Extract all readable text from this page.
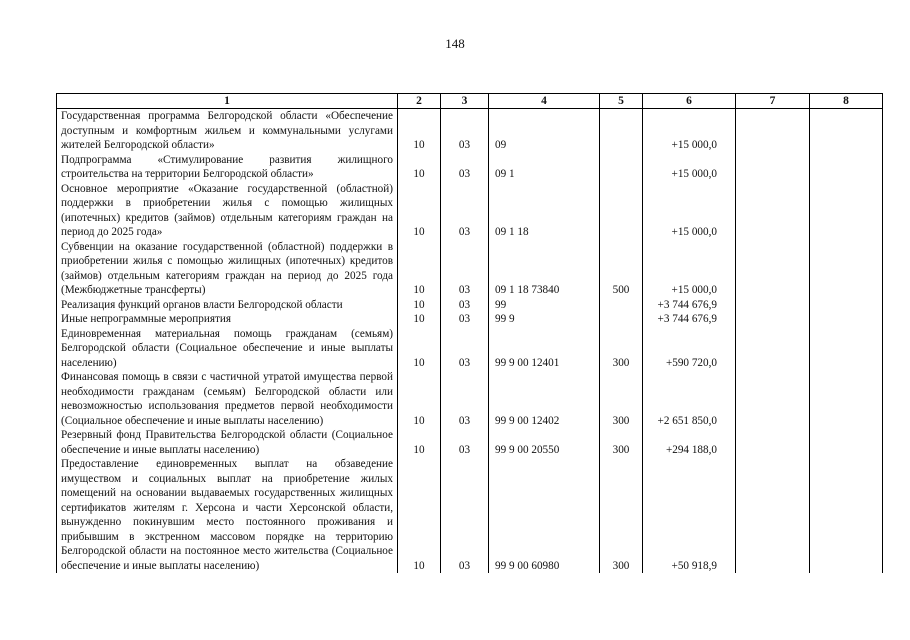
148
1	2	3	4	5	6	7	8
Государственная программа Белгородской области «Обеспечение доступным и комфортным жильем и коммунальными услугами жителей Белгородской области»	10	03	09		+15 000,0		
Подпрограмма «Стимулирование развития жилищного строительства на территории Белгородской области»	10	03	09 1		+15 000,0		
Основное мероприятие «Оказание государственной (областной) поддержки в приобретении жилья с помощью жилищных (ипотечных) кредитов (займов) отдельным категориям граждан на период до 2025 года»	10	03	09 1 18		+15 000,0		
Субвенции на оказание государственной (областной) поддержки в приобретении жилья с помощью жилищных (ипотечных) кредитов (займов) отдельным категориям граждан на период до 2025 года (Межбюджетные трансферты)	10	03	09 1 18 73840	500	+15 000,0		
Реализация функций органов власти Белгородской области	10	03	99		+3 744 676,9		
Иные непрограммные мероприятия	10	03	99 9		+3 744 676,9		
Единовременная материальная помощь гражданам (семьям) Белгородской области (Социальное обеспечение и иные выплаты населению)	10	03	99 9 00 12401	300	+590 720,0		
Финансовая помощь в связи с частичной утратой имущества первой необходимости гражданам (семьям) Белгородской области или невозможностью использования предметов первой необходимости (Социальное обеспечение и иные выплаты населению)	10	03	99 9 00 12402	300	+2 651 850,0		
Резервный фонд Правительства Белгородской области (Социальное обеспечение и иные выплаты населению)	10	03	99 9 00 20550	300	+294 188,0		
Предоставление единовременных выплат на обзаведение имуществом и социальных выплат на приобретение жилых помещений на основании выдаваемых государственных жилищных сертификатов жителям г. Херсона и части Херсонской области, вынужденно покинувшим место постоянного проживания и прибывшим в экстренном массовом порядке на территорию Белгородской области на постоянное место жительства (Социальное обеспечение и иные выплаты населению)	10	03	99 9 00 60980	300	+50 918,9		
